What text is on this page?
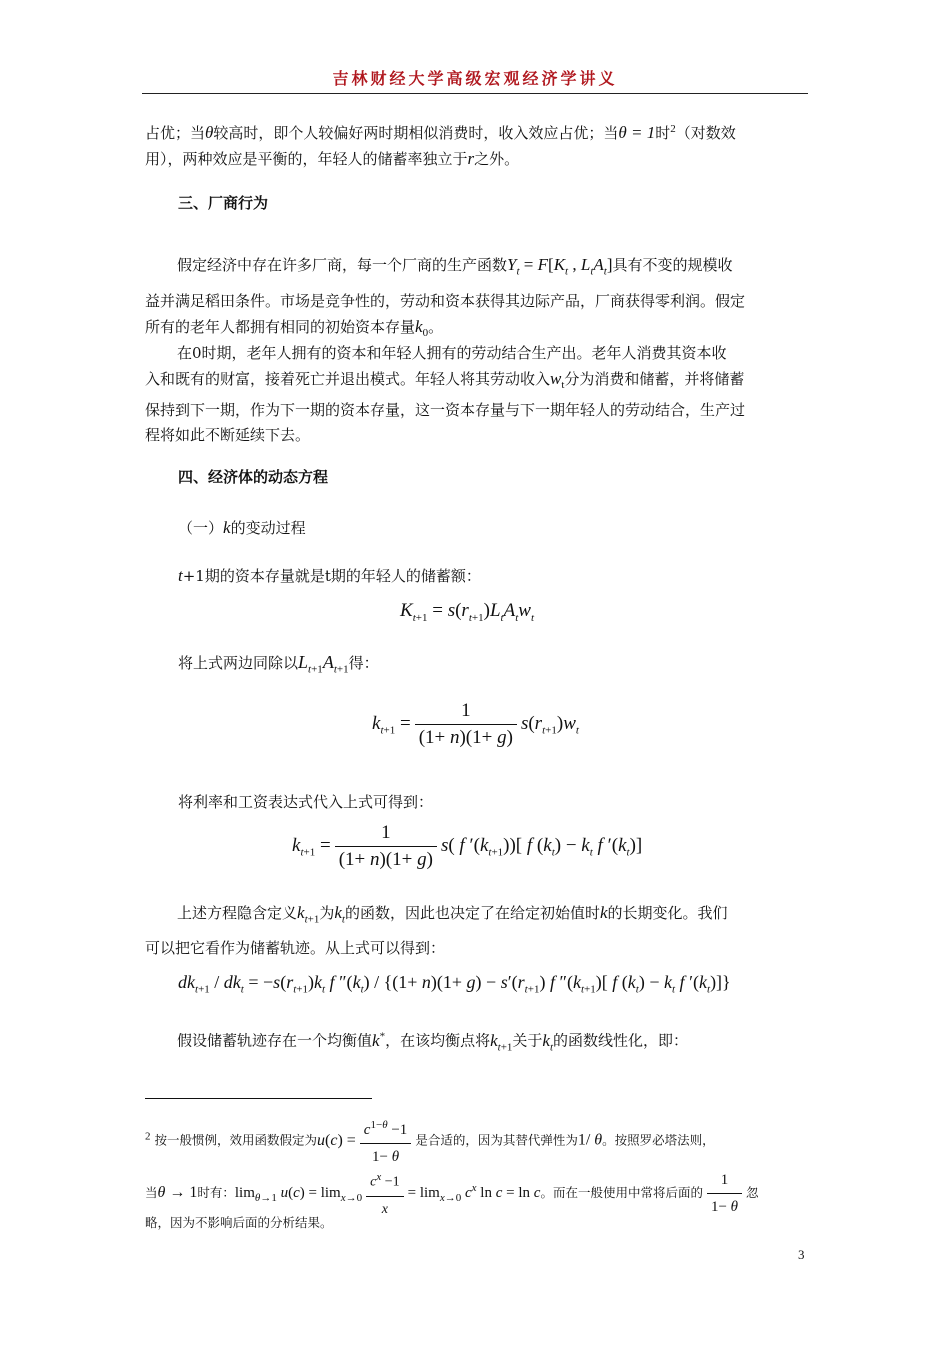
吉林财经大学高级宏观经济学讲义
占优；当θ较高时，即个人较偏好两时期相似消费时，收入效应占优；当θ = 1时$^2$（对数效
用），两种效应是平衡的，年轻人的储蓄率独立于r之外。
三、厂商行为
假定经济中存在许多厂商，每一个厂商的生产函数$Y_t = F[K_t$ , $L_tA_t$]具有不变的规模收
益并满足稻田条件。市场是竞争性的，劳动和资本获得其边际产品，厂商获得零利润。假定
所有的老年人都拥有相同的初始资本存量$k_0$。
在0时期，老年人拥有的资本和年轻人拥有的劳动结合生产出。老年人消费其资本收
入和既有的财富，接着死亡并退出模式。年轻人将其劳动收入$w_t$分为消费和储蓄，并将储蓄
保持到下一期，作为下一期的资本存量，这一资本存量与下一期年轻人的劳动结合，生产过
程将如此不断延续下去。
四、经济体的动态方程
（一）k的变动过程
t+1期的资本存量就是t期的年轻人的储蓄额：
$K_{t+1} = s(r_{t+1})L_tA_tw_t$
将上式两边同除以$L_{t+1}A_{t+1}$得：
$k_{t+1} = \frac{1}{(1+ n)(1+ g)} s(r_{t+1})w_t$
将利率和工资表达式代入上式可得到：
$k_{t+1} = \frac{1}{(1+ n)(1+ g)} s$( f $'(k_{t+1})$)[ f $(k_t) - k_t$ f $'(k_t)$]
上述方程隐含定义$k_{t+1}$为$k_t$的函数，因此也决定了在给定初始值时k的长期变化。我们
可以把它看作为储蓄轨迹。从上式可以得到：
$dk_{t+1} / dk_t = -s(r_{t+1})k_t$ f $''(k_t) / \{(1+ n)(1+ g) - s'(r_{t+1})$ f $''(k_{t+1})$[ f $(k_t) - k_t$ f $'(k_t)$]}
假设储蓄轨迹存在一个均衡值k*，在该均衡点将$k_{t+1}$关于$k_t$的函数线性化，即：
$^2$ 按一般惯例，效用函数假定为$u(c) = \frac{c^{1-\theta} -1}{1- \theta}$ 是合适的，因为其替代弹性为1/ θ。按照罗必塔法则，
当θ → 1时有：$\lim_{\theta\to 1} u(c) = \lim_{x\to 0} \frac{c^x -1}{x} = \lim_{x\to 0} c^x$ ln c = ln c。而在一般使用中常将后面的 $\frac{1}{1- \theta}$ 忽
略，因为不影响后面的分析结果。
3
